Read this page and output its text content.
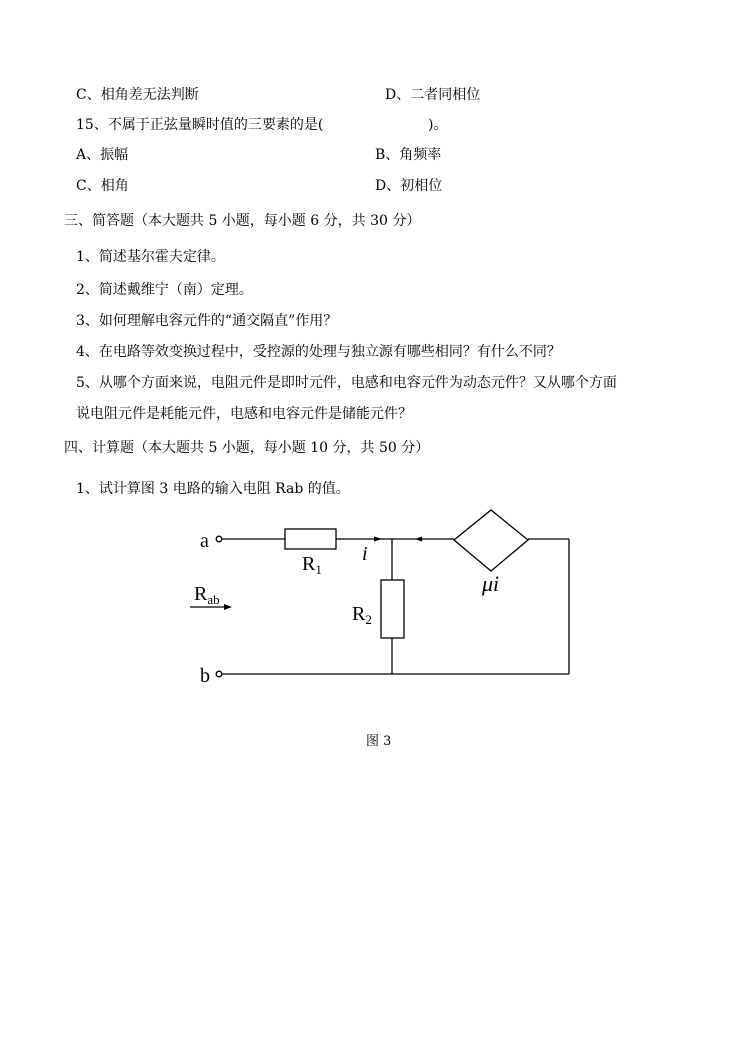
C、相角差无法判断	D、二者同相位
15、不属于正弦量瞬时值的三要素的是(	)。
A、振幅	B、角频率
C、相角	D、初相位
三、简答题（本大题共 5 小题，每小题 6 分，共 30 分）
1、简述基尔霍夫定律。
2、简述戴维宁（南）定理。
3、如何理解电容元件的“通交隔直”作用？
4、在电路等效变换过程中，受控源的处理与独立源有哪些相同？有什么不同？
5、从哪个方面来说，电阻元件是即时元件，电感和电容元件为动态元件？又从哪个方面
说电阻元件是耗能元件，电感和电容元件是储能元件？
四、计算题（本大题共 5 小题，每小题 10 分，共 50 分）
1、试计算图 3 电路的输入电阻 Rab 的值。
a
b
$R_1$
$R_2$
i
$R_{ab}$
μi
图 3
